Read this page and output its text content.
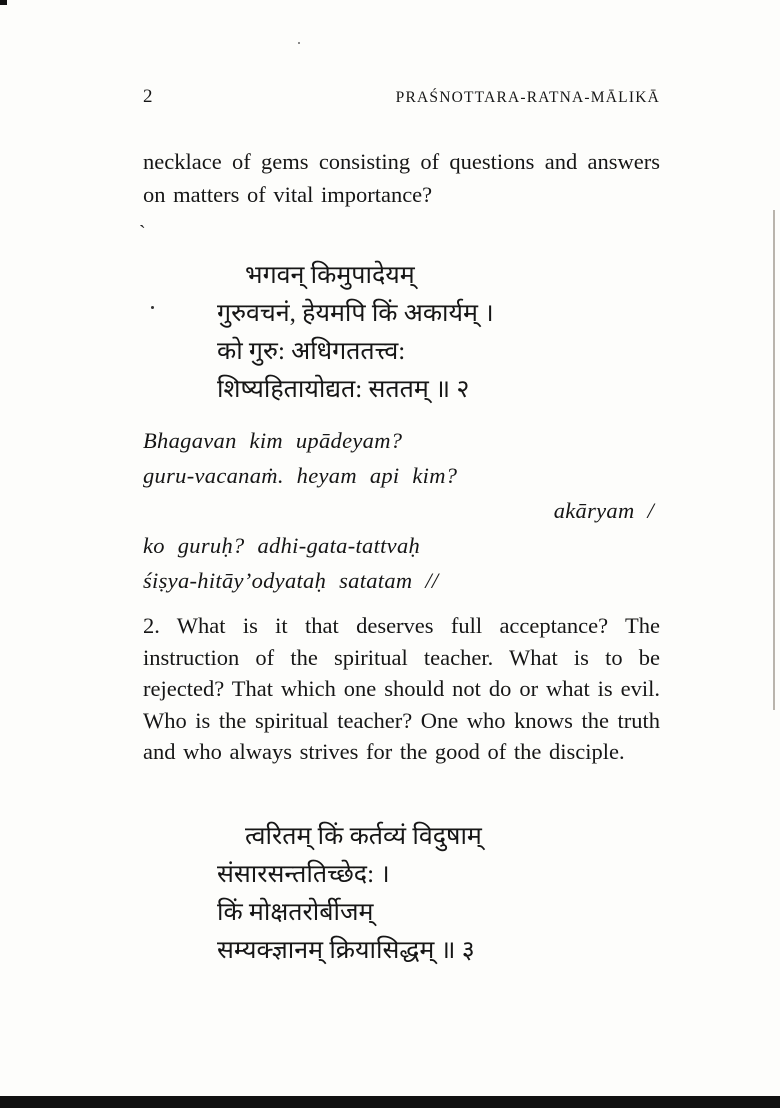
`
2	PRAŚNOTTARA-RATNA-MĀLIKĀ

necklace of gems consisting of questions and answers on matters of vital importance?

भगवन् किमुपादेयम्
गुरुवचनं, हेयमपि किं अकार्यम् ।
को गुरु: अधिगततत्त्व:
शिष्यहितायोद्यत: सततम् ॥ २
Bhagavan kim upādeyam?
guru-vacanaṁ. heyam api kim?
akāryam /
ko guruḥ? adhi-gata-tattvaḥ
śiṣya-hitāy’odyataḥ satatam //

2. What is it that deserves full acceptance? The instruction of the spiritual teacher. What is to be rejected? That which one should not do or what is evil. Who is the spiritual teacher? One who knows the truth and who always strives for the good of the disciple.

त्वरितम् किं कर्तव्यं विदुषाम्
संसारसन्ततिच्छेद: ।
किं मोक्षतरोर्बीजम्
सम्यक्ज्ञानम् क्रियासिद्धम् ॥ ३
